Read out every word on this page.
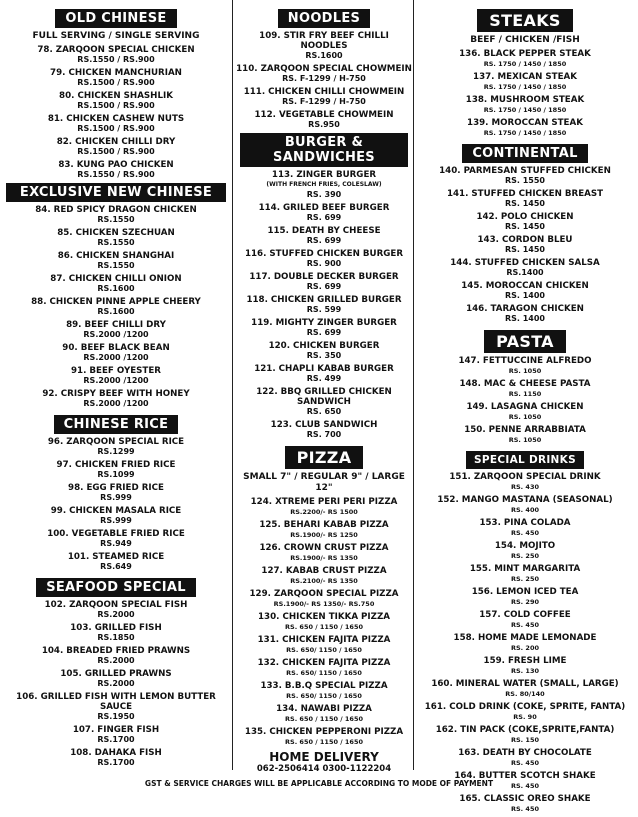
OLD CHINESE
FULL SERVING / SINGLE SERVING
78. ZARQOON SPECIAL CHICKEN
RS.1550 / RS.900
79. CHICKEN MANCHURIAN
RS.1500 / RS.900
80. CHICKEN SHASHLIK
RS.1500 / RS.900
81. CHICKEN CASHEW NUTS
RS.1500 / RS.900
82. CHICKEN CHILLI DRY
RS.1500 / RS.900
83. KUNG PAO CHICKEN
RS.1550 / RS.900
EXCLUSIVE NEW CHINESE
84. RED SPICY DRAGON CHICKEN
RS.1550
85. CHICKEN SZECHUAN
RS.1550
86. CHICKEN SHANGHAI
RS.1550
87. CHICKEN CHILLI ONION
RS.1600
88. CHICKEN PINNE APPLE CHEERY
RS.1600
89. BEEF CHILLI DRY
RS.2000 /1200
90. BEEF BLACK BEAN
RS.2000 /1200
91. BEEF OYESTER
RS.2000 /1200
92. CRISPY BEEF WITH HONEY
RS.2000 /1200
CHINESE RICE
96. ZARQOON SPECIAL RICE
RS.1299
97. CHICKEN FRIED RICE
RS.1099
98. EGG FRIED RICE
RS.999
99. CHICKEN MASALA RICE
RS.999
100. VEGETABLE FRIED RICE
RS.949
101. STEAMED RICE
RS.649
SEAFOOD SPECIAL
102. ZARQOON SPECIAL FISH
RS.2000
103. GRILLED FISH
RS.1850
104. BREADED FRIED PRAWNS
RS.2000
105. GRILLED PRAWNS
RS.2000
106. GRILLED FISH WITH LEMON BUTTER SAUCE
RS.1950
107. FINGER FISH
RS.1700
108. DAHAKA FISH
RS.1700
NOODLES
109. STIR FRY BEEF CHILLI NOODLES
RS.1600
110. ZARQOON SPECIAL CHOWMEIN
RS. F-1299 / H-750
111. CHICKEN CHILLI CHOWMEIN
RS. F-1299 / H-750
112. VEGETABLE CHOWMEIN
RS.950
BURGER & SANDWICHES
113. ZINGER BURGER
(WITH FRENCH FRIES, COLESLAW)
RS. 390
114. GRILED BEEF BURGER
RS. 699
115. DEATH BY CHEESE
RS. 699
116. STUFFED CHICKEN BURGER
RS. 900
117. DOUBLE DECKER BURGER
RS. 699
118. CHICKEN GRILLED BURGER
RS. 599
119. MIGHTY ZINGER BURGER
RS. 699
120. CHICKEN BURGER
RS. 350
121. CHAPLI KABAB BURGER
RS. 499
122. BBQ GRILLED CHICKEN SANDWICH
RS. 650
123. CLUB SANDWICH
RS. 700
PIZZA
SMALL 7" / REGULAR 9" / LARGE 12"
124. XTREME PERI PERI PIZZA
RS.2200/- RS 1500
125. BEHARI KABAB PIZZA
RS.1900/- RS 1250
126. CROWN CRUST PIZZA
RS.1900/- RS 1350
127. KABAB CRUST PIZZA
RS.2100/- RS 1350
129. ZARQOON SPECIAL PIZZA
RS.1900/- RS 1350/- RS.750
130. CHICKEN TIKKA PIZZA
RS. 650 / 1150 / 1650
131. CHICKEN FAJITA PIZZA
RS. 650/ 1150 / 1650
132. CHICKEN FAJITA PIZZA
RS. 650/ 1150 / 1650
133. B.B.Q SPECIAL PIZZA
RS. 650/ 1150 / 1650
134. NAWABI PIZZA
RS. 650 / 1150 / 1650
135. CHICKEN PEPPERONI PIZZA
RS. 650 / 1150 / 1650
HOME DELIVERY
062-2506414 0300-1122204
STEAKS
BEEF / CHICKEN /FISH
136. BLACK PEPPER STEAK
RS. 1750 / 1450 / 1850
137. MEXICAN STEAK
RS. 1750 / 1450 / 1850
138. MUSHROOM STEAK
RS. 1750 / 1450 / 1850
139. MOROCCAN STEAK
RS. 1750 / 1450 / 1850
CONTINENTAL
140. PARMESAN STUFFED CHICKEN
RS. 1550
141. STUFFED CHICKEN BREAST
RS. 1450
142. POLO CHICKEN
RS. 1450
143. CORDON BLEU
RS. 1450
144. STUFFED CHICKEN SALSA
RS.1400
145. MOROCCAN CHICKEN
RS. 1400
146. TARAGON CHICKEN
RS. 1400
PASTA
147. FETTUCCINE ALFREDO
RS. 1050
148. MAC & CHEESE PASTA
RS. 1150
149. LASAGNA CHICKEN
RS. 1050
150. PENNE ARRABBIATA
RS. 1050
SPECIAL DRINKS
151. ZARQOON SPECIAL DRINK
RS. 430
152. MANGO MASTANA (SEASONAL)
RS. 400
153. PINA COLADA
RS. 450
154. MOJITO
RS. 250
155. MINT MARGARITA
RS. 250
156. LEMON ICED TEA
RS. 290
157. COLD COFFEE
RS. 450
158. HOME MADE LEMONADE
RS. 200
159. FRESH LIME
RS. 130
160. MINERAL WATER (SMALL, LARGE)
RS. 80/140
161. COLD DRINK (COKE, SPRITE, FANTA)
RS. 90
162. TIN PACK (COKE,SPRITE,FANTA)
RS. 150
163. DEATH BY CHOCOLATE
RS. 450
164. BUTTER SCOTCH SHAKE
RS. 450
165. CLASSIC OREO SHAKE
RS. 450
GST & SERVICE CHARGES WILL BE APPLICABLE ACCORDING TO MODE OF PAYMENT
